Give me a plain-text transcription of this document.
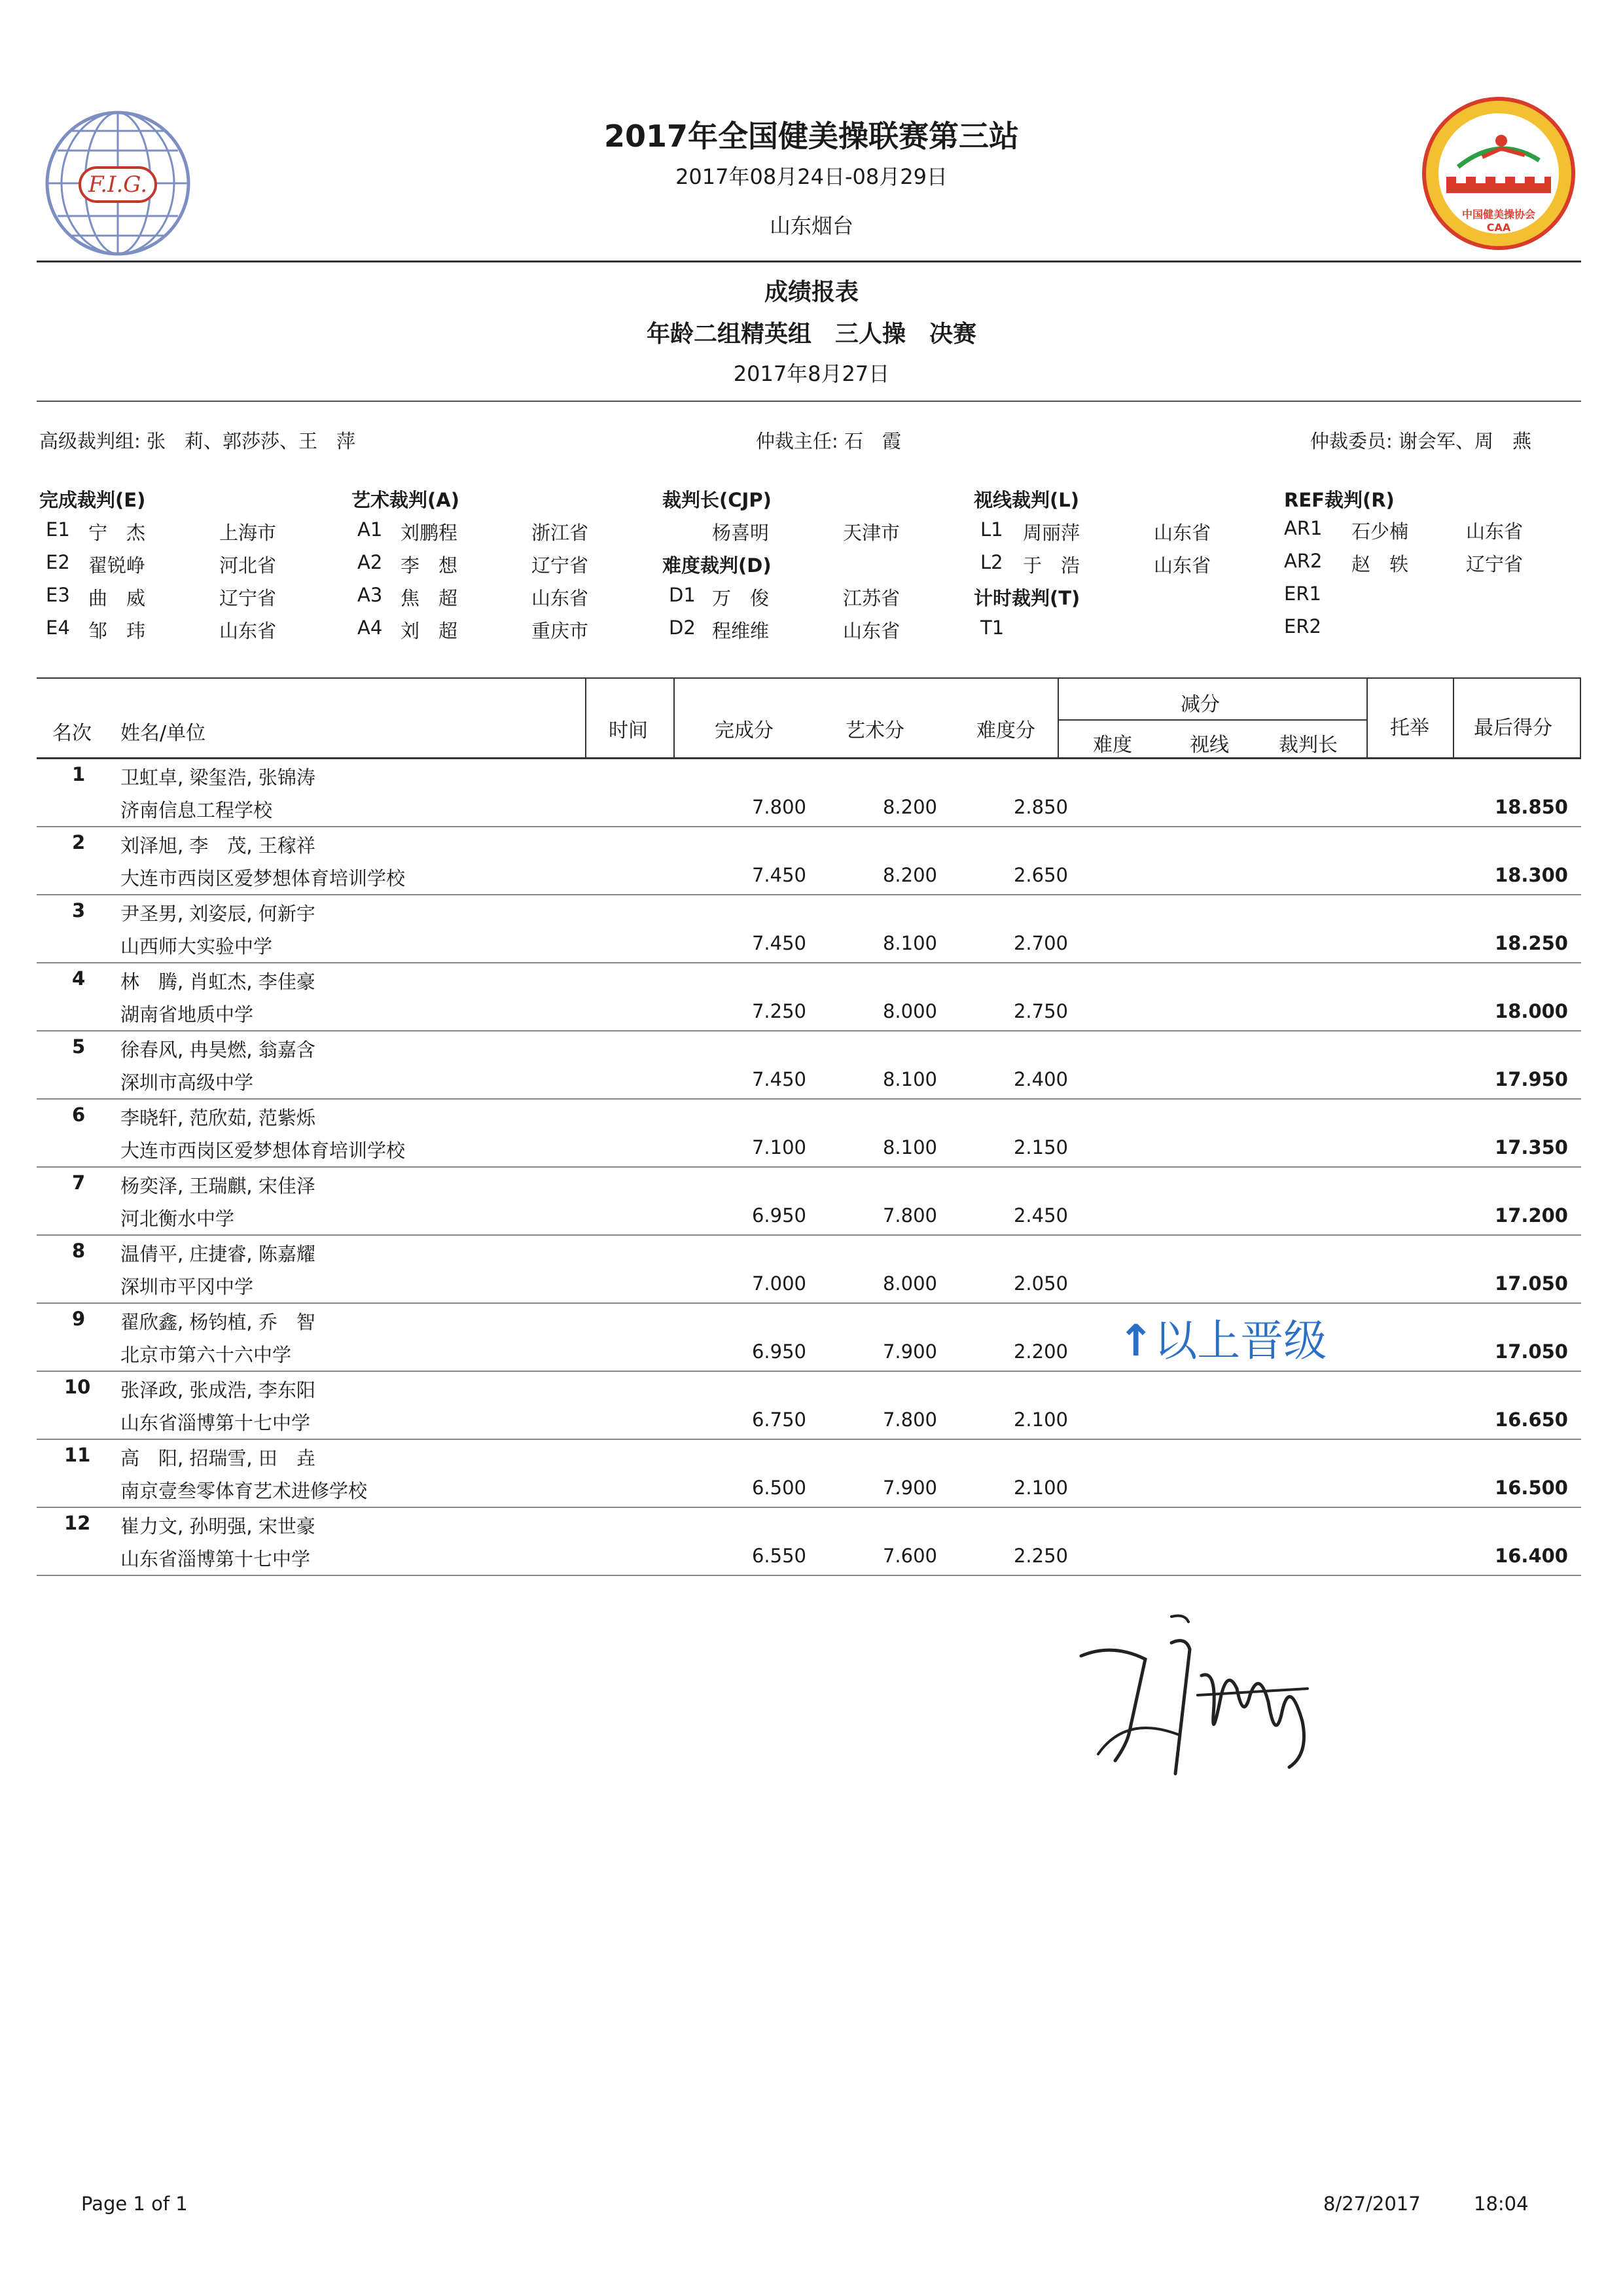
F.I.G.
中国健美操协会
CAA
2017年全国健美操联赛第三站
2017年08月24日-08月29日
山东烟台
成绩报表
年龄二组精英组　三人操　决赛
2017年8月27日
高级裁判组: 张　莉、郭莎莎、王　萍	仲裁主任: 石　霞	仲裁委员: 谢会军、周　燕
完成裁判(E)
E1 宁　杰	上海市
E2 翟锐峥	河北省
E3 曲　威	辽宁省
E4 邹　玮	山东省
艺术裁判(A)
A1 刘鹏程	浙江省
A2 李　想	辽宁省
A3 焦　超	山东省
A4 刘　超	重庆市
裁判长(CJP)
杨喜明	天津市
难度裁判(D)
D1 万　俊	江苏省
D2 程维维	山东省
视线裁判(L)
L1 周丽萍	山东省
L2 于　浩	山东省
计时裁判(T)
T1
REF裁判(R)
AR1 石少楠	山东省
AR2 赵　轶	辽宁省
ER1
ER2
名次 姓名/单位	时间	完成分	艺术分	难度分
减分
难度	视线	裁判长
托举 最后得分
1 卫虹卓, 梁玺浩, 张锦涛
济南信息工程学校	7.800	8.200	2.850	18.850
2 刘泽旭, 李　茂, 王稼祥
大连市西岗区爱梦想体育培训学校	7.450	8.200	2.650	18.300
3 尹圣男, 刘姿辰, 何新宇
山西师大实验中学	7.450	8.100	2.700	18.250
4 林　腾, 肖虹杰, 李佳豪
湖南省地质中学	7.250	8.000	2.750	18.000
5 徐春风, 冉昊燃, 翁嘉含
深圳市高级中学	7.450	8.100	2.400	17.950
6 李晓轩, 范欣茹, 范紫烁
大连市西岗区爱梦想体育培训学校	7.100	8.100	2.150	17.350
7 杨奕泽, 王瑞麒, 宋佳泽
河北衡水中学	6.950	7.800	2.450	17.200
8 温倩平, 庄捷睿, 陈嘉耀
深圳市平冈中学	7.000	8.000	2.050	17.050
9 翟欣鑫, 杨钧植, 乔　智
北京市第六十六中学	6.950	7.900	2.200	17.050
10 张泽政, 张成浩, 李东阳
山东省淄博第十七中学	6.750	7.800	2.100	16.650
11 高　阳, 招瑞雪, 田　垚
南京壹叁零体育艺术进修学校	6.500	7.900	2.100	16.500
12 崔力文, 孙明强, 宋世豪
山东省淄博第十七中学	6.550	7.600	2.250	16.400
↑以上晋级
Page 1 of 1	8/27/2017	18:04
